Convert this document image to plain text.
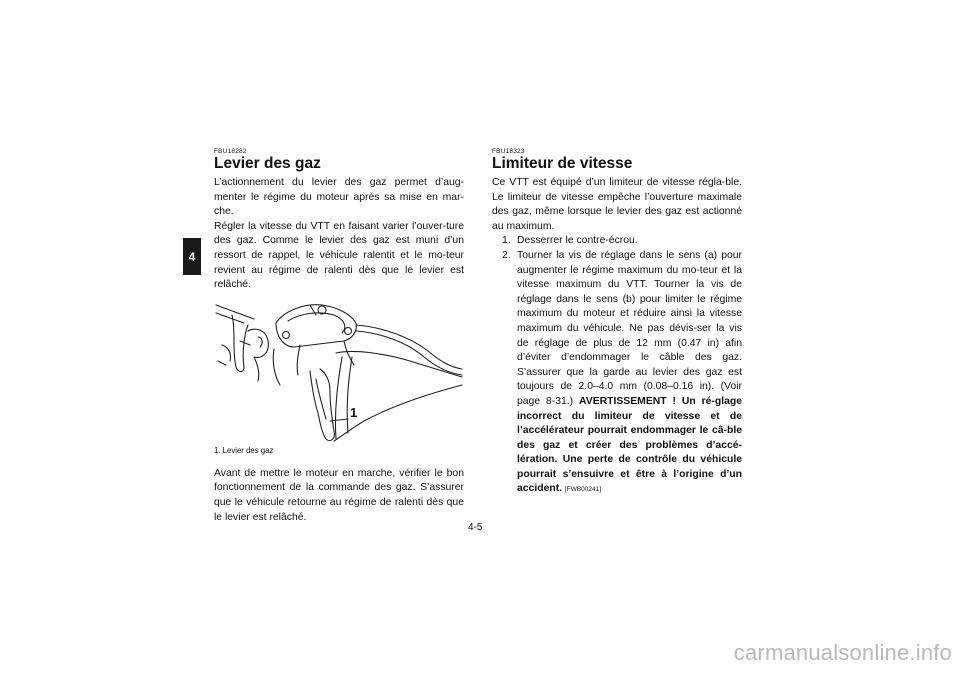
4
FBU18282
Levier des gaz

L’actionnement du levier des gaz permet d’aug-menter le régime du moteur après sa mise en mar-che.

Régler la vitesse du VTT en faisant varier l’ouver-ture des gaz. Comme le levier des gaz est muni d’un ressort de rappel, le véhicule ralentit et le mo-teur revient au régime de ralenti dès que le levier est relâché.

1
1. Levier des gaz

Avant de mettre le moteur en marche, vérifier le bon fonctionnement de la commande des gaz. S’assurer que le véhicule retourne au régime de ralenti dès que le levier est relâché.

FBU18323
Limiteur de vitesse

Ce VTT est équipé d’un limiteur de vitesse régla-ble. Le limiteur de vitesse empêche l’ouverture maximale des gaz, même lorsque le levier des gaz est actionné au maximum.

1. Desserrer le contre-écrou.
2. Tourner la vis de réglage dans le sens (a) pour augmenter le régime maximum du mo-teur et la vitesse maximum du VTT. Tourner la vis de réglage dans le sens (b) pour limiter le régime maximum du moteur et réduire ainsi la vitesse maximum du véhicule. Ne pas dévis-ser la vis de réglage de plus de 12 mm (0.47 in) afin d’éviter d’endommager le câble des gaz. S’assurer que la garde au levier des gaz est toujours de 2.0–4.0 mm (0.08–0.16 in). (Voir page 8-31.) AVERTISSEMENT ! Un ré-glage incorrect du limiteur de vitesse et de l’accélérateur pourrait endommager le câ-ble des gaz et créer des problèmes d’accé-lération. Une perte de contrôle du véhicule pourrait s’ensuivre et être à l’origine d’un accident. [FWB00241]
4-5
carmanualsonline.info
